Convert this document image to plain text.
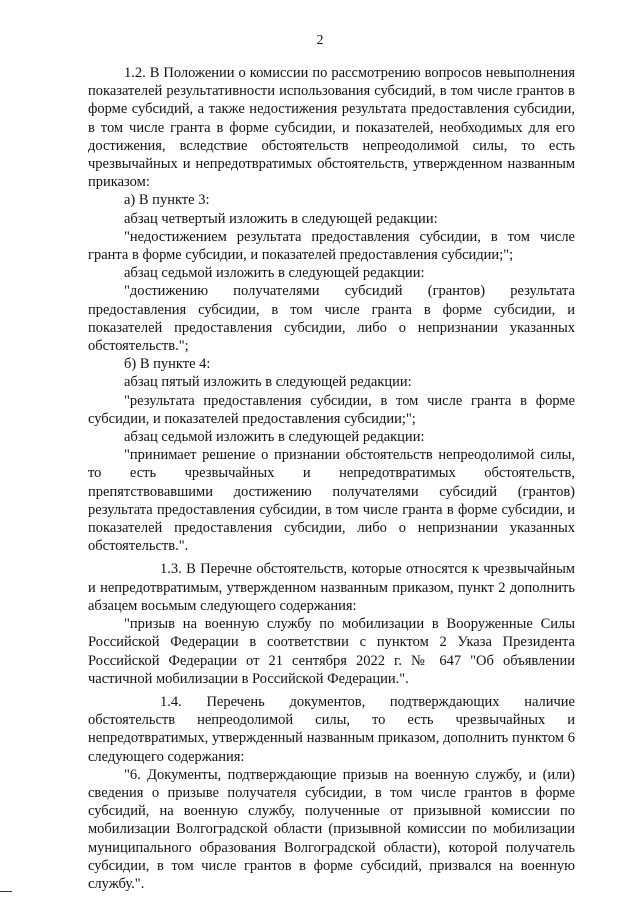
2

1.2. В Положении о комиссии по рассмотрению вопросов невыполнения показателей результативности использования субсидий, в том числе грантов в форме субсидий, а также недостижения результата предоставления субсидии, в том числе гранта в форме субсидии, и показателей, необходимых для его достижения, вследствие обстоятельств непреодолимой силы, то есть чрезвычайных и непредотвратимых обстоятельств, утвержденном названным приказом:

а) В пункте 3:

абзац четвертый изложить в следующей редакции:

"недостижением результата предоставления субсидии, в том числе гранта в форме субсидии, и показателей предоставления субсидии;";

абзац седьмой изложить в следующей редакции:

"достижению получателями субсидий (грантов) результата предоставления субсидии, в том числе гранта в форме субсидии, и показателей предоставления субсидии, либо о непризнании указанных обстоятельств.";

б) В пункте 4:

абзац пятый изложить в следующей редакции:

"результата предоставления субсидии, в том числе гранта в форме субсидии, и показателей предоставления субсидии;";

абзац седьмой изложить в следующей редакции:

"принимает решение о признании обстоятельств непреодолимой силы, то есть чрезвычайных и непредотвратимых обстоятельств, препятствовавшими достижению получателями субсидий (грантов) результата предоставления субсидии, в том числе гранта в форме субсидии, и показателей предоставления субсидии, либо о непризнании указанных обстоятельств.".

1.3. В Перечне обстоятельств, которые относятся к чрезвычайным и непредотвратимым, утвержденном названным приказом, пункт 2 дополнить абзацем восьмым следующего содержания:

"призыв на военную службу по мобилизации в Вооруженные Силы Российской Федерации в соответствии с пунктом 2 Указа Президента Российской Федерации от 21 сентября 2022 г. № 647 "Об объявлении частичной мобилизации в Российской Федерации.".

1.4. Перечень документов, подтверждающих наличие обстоятельств непреодолимой силы, то есть чрезвычайных и непредотвратимых, утвержденный названным приказом, дополнить пунктом 6 следующего содержания:

"6. Документы, подтверждающие призыв на военную службу, и (или) сведения о призыве получателя субсидии, в том числе грантов в форме субсидий, на военную службу, полученные от призывной комиссии по мобилизации Волгоградской области (призывной комиссии по мобилизации муниципального образования Волгоградской области), которой получатель субсидии, в том числе грантов в форме субсидий, призвался на военную службу.".
